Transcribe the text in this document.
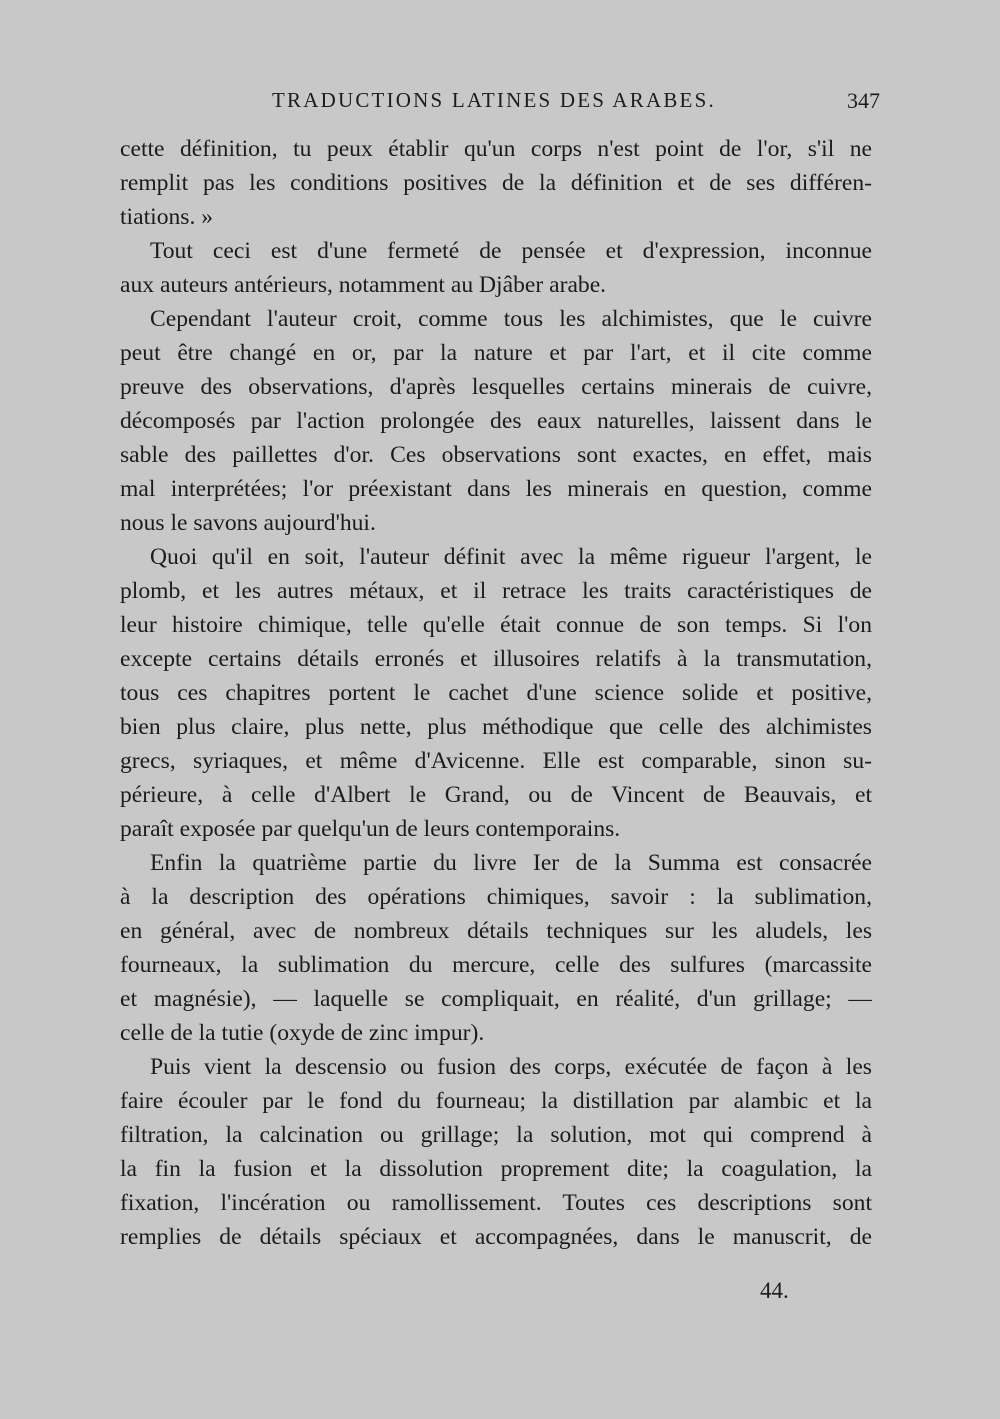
TRADUCTIONS LATINES DES ARABES.	347
cette définition, tu peux établir qu'un corps n'est point de l'or, s'il ne
remplit pas les conditions positives de la définition et de ses différen-
tiations. »
Tout ceci est d'une fermeté de pensée et d'expression, inconnue
aux auteurs antérieurs, notamment au Djâber arabe.
Cependant l'auteur croit, comme tous les alchimistes, que le cuivre
peut être changé en or, par la nature et par l'art, et il cite comme
preuve des observations, d'après lesquelles certains minerais de cuivre,
décomposés par l'action prolongée des eaux naturelles, laissent dans le
sable des paillettes d'or. Ces observations sont exactes, en effet, mais
mal interprétées; l'or préexistant dans les minerais en question, comme
nous le savons aujourd'hui.
Quoi qu'il en soit, l'auteur définit avec la même rigueur l'argent, le
plomb, et les autres métaux, et il retrace les traits caractéristiques de
leur histoire chimique, telle qu'elle était connue de son temps. Si l'on
excepte certains détails erronés et illusoires relatifs à la transmutation,
tous ces chapitres portent le cachet d'une science solide et positive,
bien plus claire, plus nette, plus méthodique que celle des alchimistes
grecs, syriaques, et même d'Avicenne. Elle est comparable, sinon su-
périeure, à celle d'Albert le Grand, ou de Vincent de Beauvais, et
paraît exposée par quelqu'un de leurs contemporains.
Enfin la quatrième partie du livre Ier de la Summa est consacrée
à la description des opérations chimiques, savoir : la sublimation,
en général, avec de nombreux détails techniques sur les aludels, les
fourneaux, la sublimation du mercure, celle des sulfures (marcassite
et magnésie), — laquelle se compliquait, en réalité, d'un grillage; —
celle de la tutie (oxyde de zinc impur).
Puis vient la descensio ou fusion des corps, exécutée de façon à les
faire écouler par le fond du fourneau; la distillation par alambic et la
filtration, la calcination ou grillage; la solution, mot qui comprend à
la fin la fusion et la dissolution proprement dite; la coagulation, la
fixation, l'incération ou ramollissement. Toutes ces descriptions sont
remplies de détails spéciaux et accompagnées, dans le manuscrit, de
44.
